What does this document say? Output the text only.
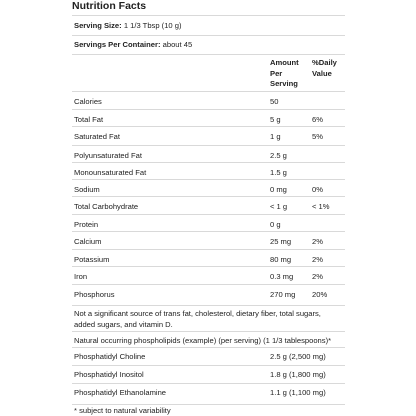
Nutrition Facts
Serving Size: 1 1/3 Tbsp (10 g)
Servings Per Container: about 45
Amount Per Serving
%Daily Value
Calories	50
Total Fat	5 g	6%
Saturated Fat	1 g	5%
Polyunsaturated Fat	2.5 g
Monounsaturated Fat	1.5 g
Sodium	0 mg	0%
Total Carbohydrate	< 1 g	< 1%
Protein	0 g
Calcium	25 mg	2%
Potassium	80 mg	2%
Iron	0.3 mg 2%
Phosphorus	270 mg 20%
Not a significant source of trans fat, cholesterol, dietary fiber, total sugars, added sugars, and vitamin D.
Natural occurring phospholipids (example) (per serving) (1 1/3 tablespoons)*
Phosphatidyl Choline	2.5 g (2,500 mg)
Phosphatidyl Inositol	1.8 g (1,800 mg)
Phosphatidyl Ethanolamine	1.1 g (1,100 mg)
* subject to natural variability
